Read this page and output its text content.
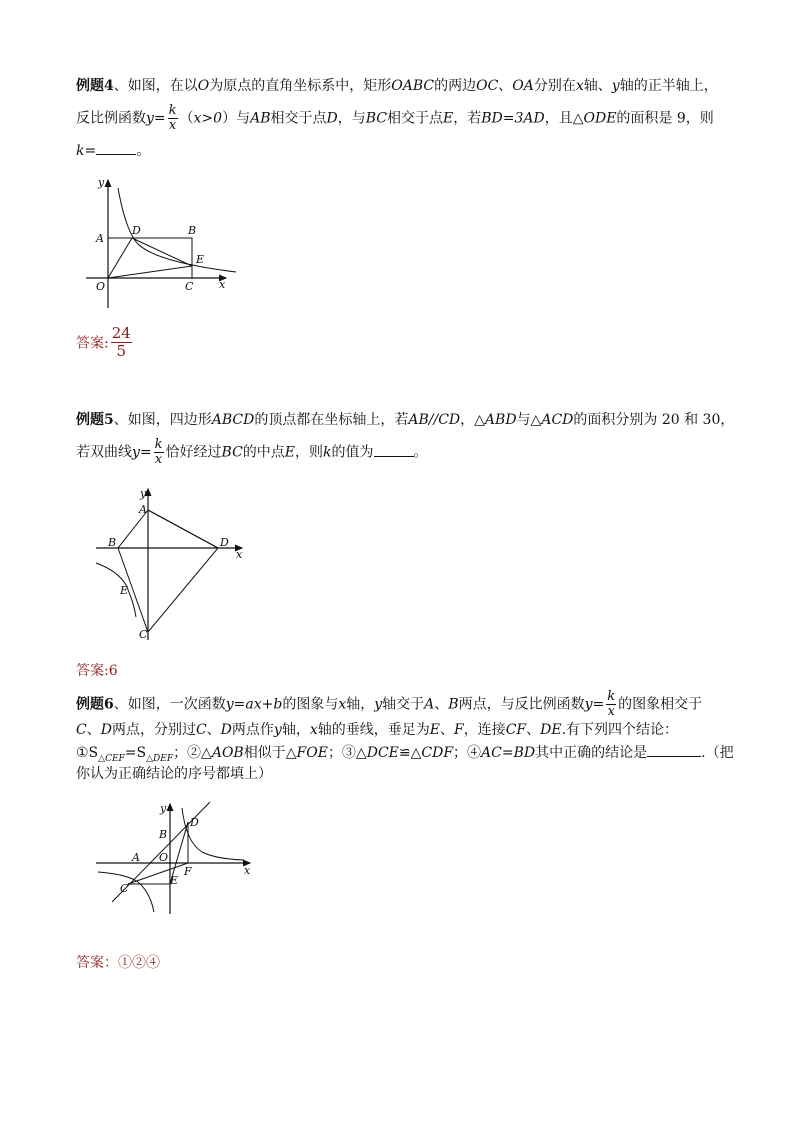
例题4、如图，在以O为原点的直角坐标系中，矩形OABC的两边OC、OA分别在x轴、y轴的正半轴上，
反比例函数$y= \frac{k}{x} (x>0)$与AB相交于点D，与BC相交于点E，若BD=3AD，且△ODE的面积是 9，则
k=	。
y
x
A
D	B
E
O	C
答案: $\frac{24}{5}$
例题5、如图，四边形ABCD的顶点都在坐标轴上，若AB//CD，△ABD与△ACD的面积分别为 20 和 30，
若双曲线$y= \frac{k}{x}$ 恰好经过BC的中点E，则k的值为	。
y
x
A
B	D
E
C
答案:6
例题6、如图，一次函数y=ax+b的图象与x轴，y轴交于A、B两点，与反比例函数$y= \frac{k}{x}$ 的图象相交于
C、D两点，分别过C、D两点作y轴，x轴的垂线，垂足为E、F，连接CF、DE.有下列四个结论：
$①S_{\triangle CEF}=S_{\triangle DEF}$；②△AOB相似于△FOE；③△DCE≌△CDF；④AC=BD其中正确的结论是	.（把
你认为正确结论的序号都填上）
y
x
B
D
A O
F
C
E
答案：①②④
